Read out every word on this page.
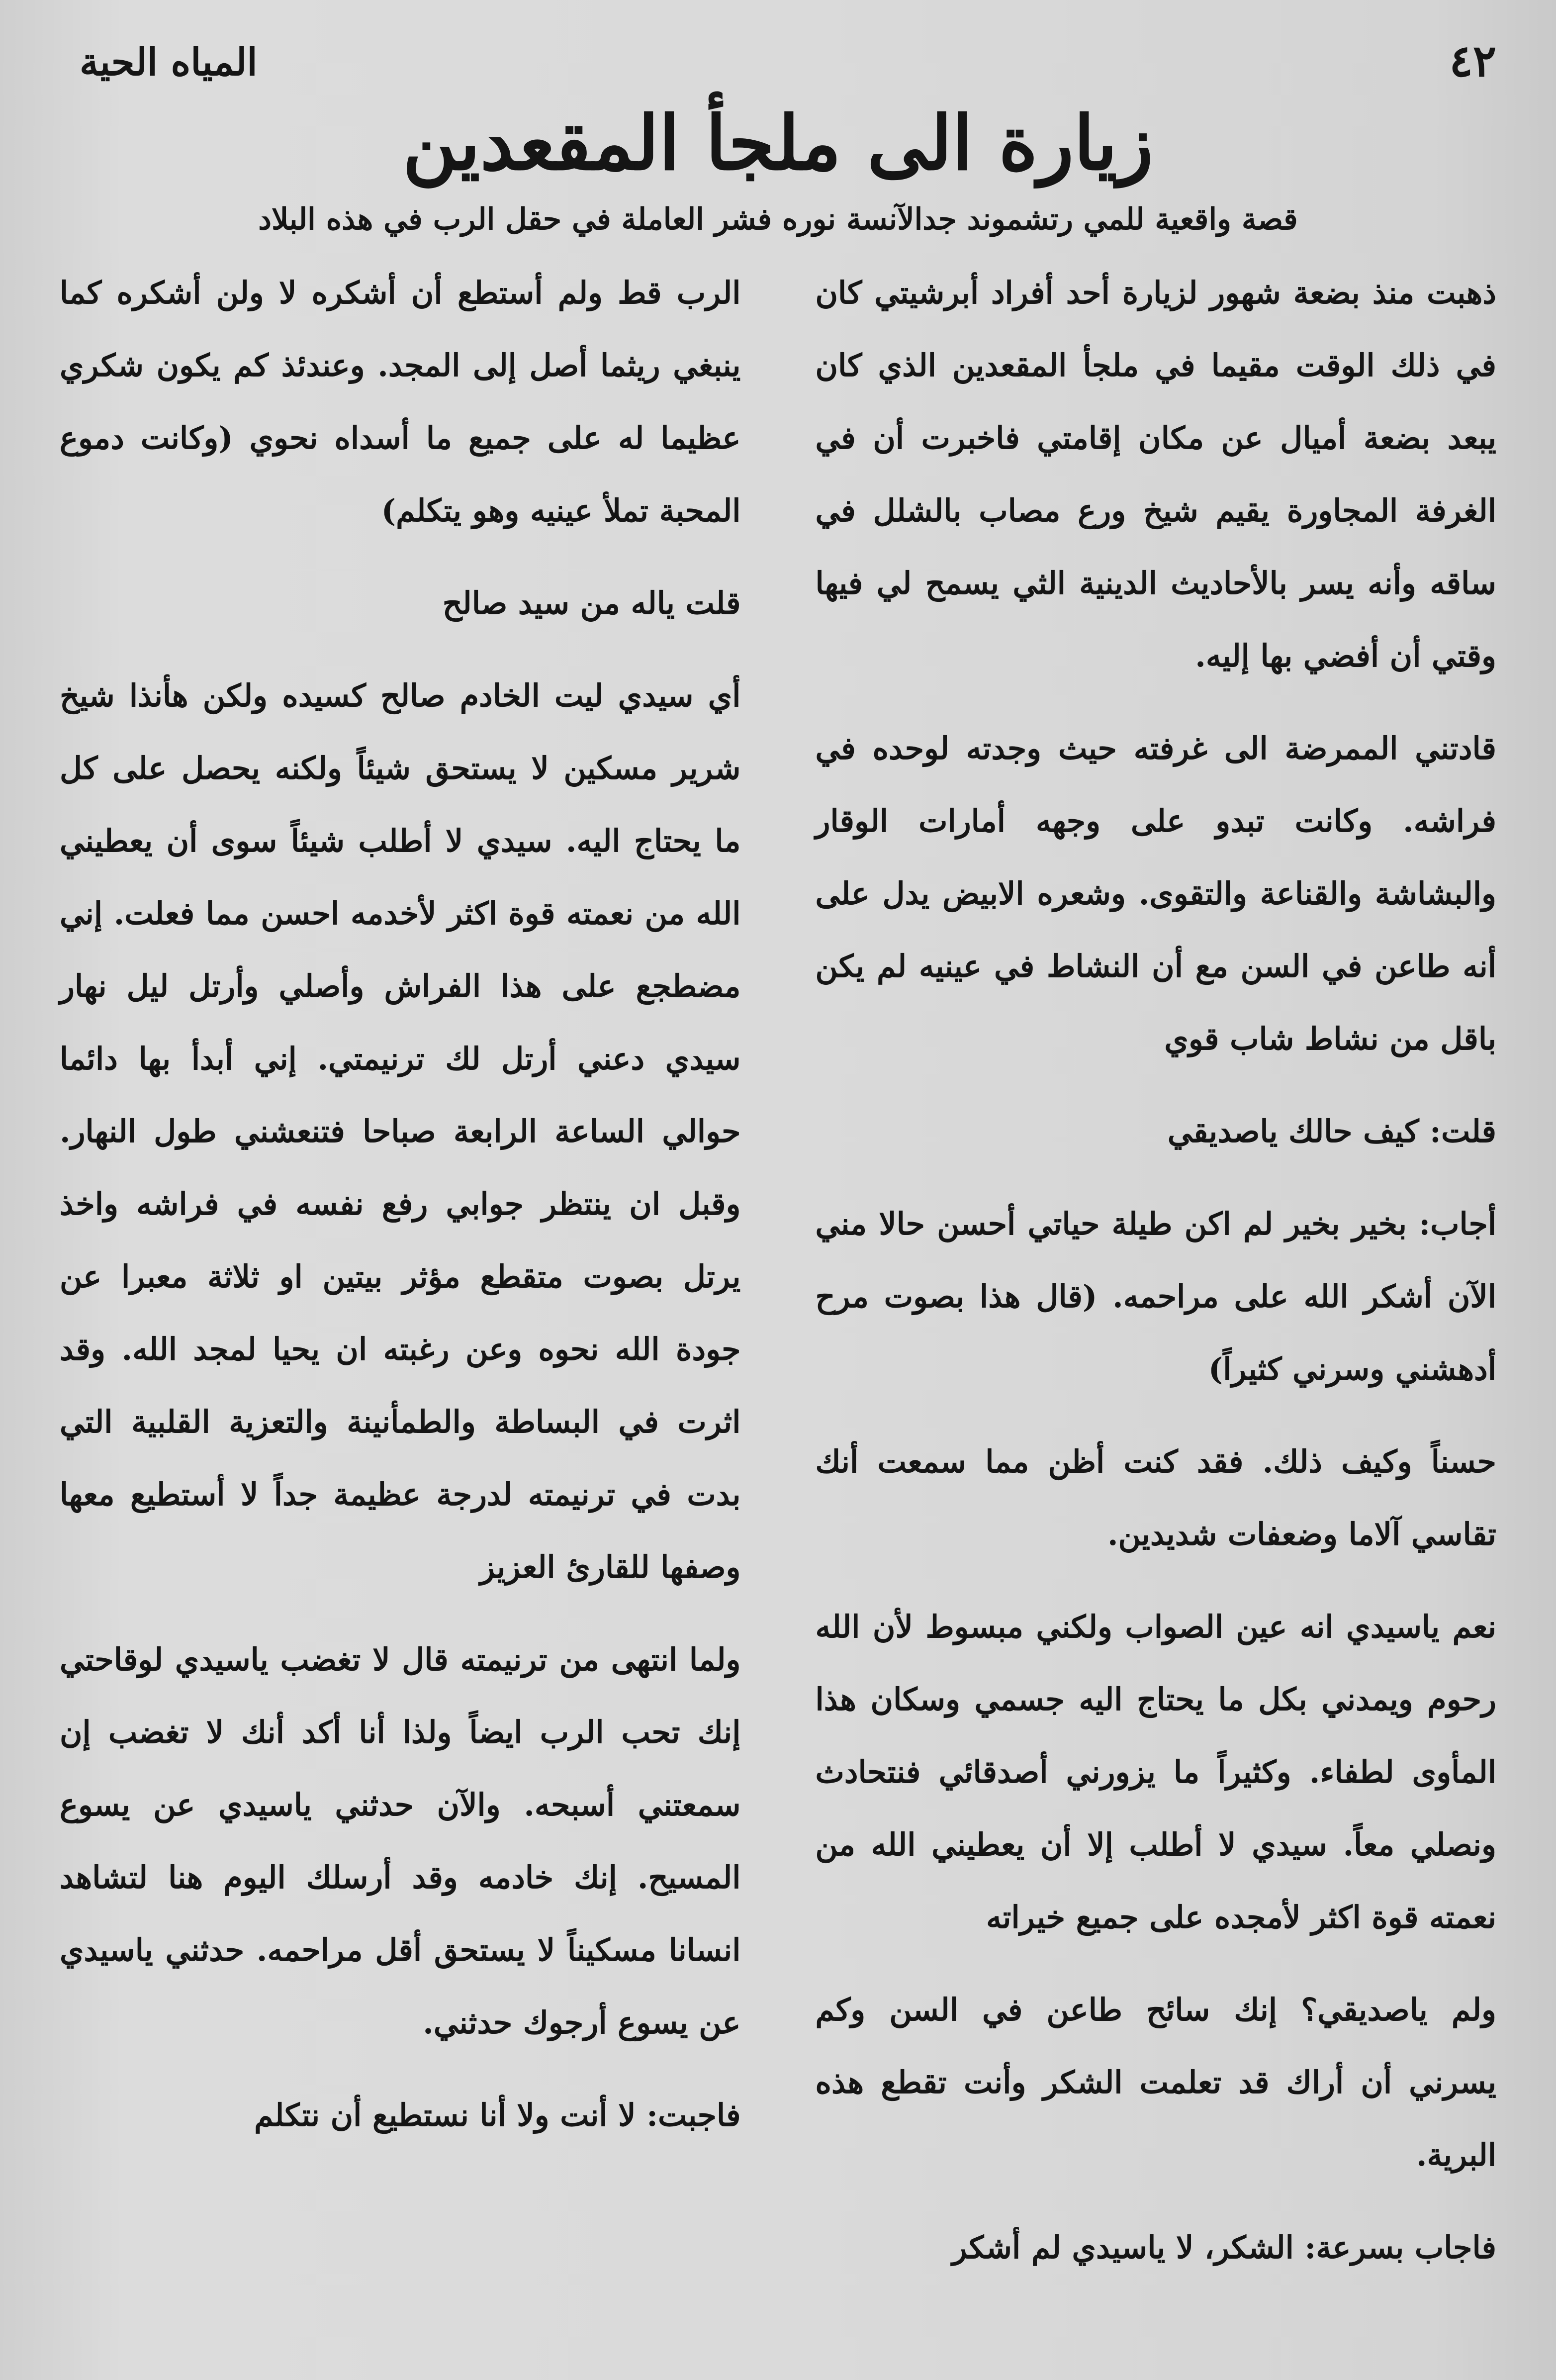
٤٢
المياه الحية
زيارة الى ملجأ المقعدين
قصة واقعية للمي رتشموند جدالآنسة نوره فشر العاملة في حقل الرب في هذه البلاد

ذهبت منذ بضعة شهور لزيارة أحد أفراد أبرشيتي كان في ذلك الوقت مقيما في ملجأ المقعدين الذي كان يبعد بضعة أميال عن مكان إقامتي فاخبرت أن في الغرفة المجاورة يقيم شيخ ورع مصاب بالشلل في ساقه وأنه يسر بالأحاديث الدينية الثي يسمح لي فيها وقتي أن أفضي بها إليه.

قادتني الممرضة الى غرفته حيث وجدته لوحده في فراشه. وكانت تبدو على وجهه أمارات الوقار والبشاشة والقناعة والتقوى. وشعره الابيض يدل على أنه طاعن في السن مع أن النشاط في عينيه لم يكن باقل من نشاط شاب قوي

قلت: كيف حالك ياصديقي

أجاب: بخير بخير لم اكن طيلة حياتي أحسن حالا مني الآن أشكر الله على مراحمه. (قال هذا بصوت مرح أدهشني وسرني كثيراً)

حسناً وكيف ذلك. فقد كنت أظن مما سمعت أنك تقاسي آلاما وضعفات شديدين.

نعم ياسيدي انه عين الصواب ولكني مبسوط لأن الله رحوم ويمدني بكل ما يحتاج اليه جسمي وسكان هذا المأوى لطفاء. وكثيراً ما يزورني أصدقائي فنتحادث ونصلي معاً. سيدي لا أطلب إلا أن يعطيني الله من نعمته قوة اكثر لأمجده على جميع خيراته

ولم ياصديقي؟ إنك سائح طاعن في السن وكم يسرني أن أراك قد تعلمت الشكر وأنت تقطع هذه البرية.

فاجاب بسرعة: الشكر، لا ياسيدي لم أشكر

الرب قط ولم أستطع أن أشكره لا ولن أشكره كما ينبغي ريثما أصل إلى المجد. وعندئذ كم يكون شكري عظيما له على جميع ما أسداه نحوي (وكانت دموع المحبة تملأ عينيه وهو يتكلم)

قلت ياله من سيد صالح

أي سيدي ليت الخادم صالح كسيده ولكن هأنذا شيخ شرير مسكين لا يستحق شيئاً ولكنه يحصل على كل ما يحتاج اليه. سيدي لا أطلب شيئاً سوى أن يعطيني الله من نعمته قوة اكثر لأخدمه احسن مما فعلت. إني مضطجع على هذا الفراش وأصلي وأرتل ليل نهار سيدي دعني أرتل لك ترنيمتي. إني أبدأ بها دائما حوالي الساعة الرابعة صباحا فتنعشني طول النهار. وقبل ان ينتظر جوابي رفع نفسه في فراشه واخذ يرتل بصوت متقطع مؤثر بيتين او ثلاثة معبرا عن جودة الله نحوه وعن رغبته ان يحيا لمجد الله. وقد اثرت في البساطة والطمأنينة والتعزية القلبية التي بدت في ترنيمته لدرجة عظيمة جداً لا أستطيع معها وصفها للقارئ العزيز

ولما انتهى من ترنيمته قال لا تغضب ياسيدي لوقاحتي إنك تحب الرب ايضاً ولذا أنا أكد أنك لا تغضب إن سمعتني أسبحه. والآن حدثني ياسيدي عن يسوع المسيح. إنك خادمه وقد أرسلك اليوم هنا لتشاهد انسانا مسكيناً لا يستحق أقل مراحمه. حدثني ياسيدي عن يسوع أرجوك حدثني.

فاجبت: لا أنت ولا أنا نستطيع أن نتكلم
